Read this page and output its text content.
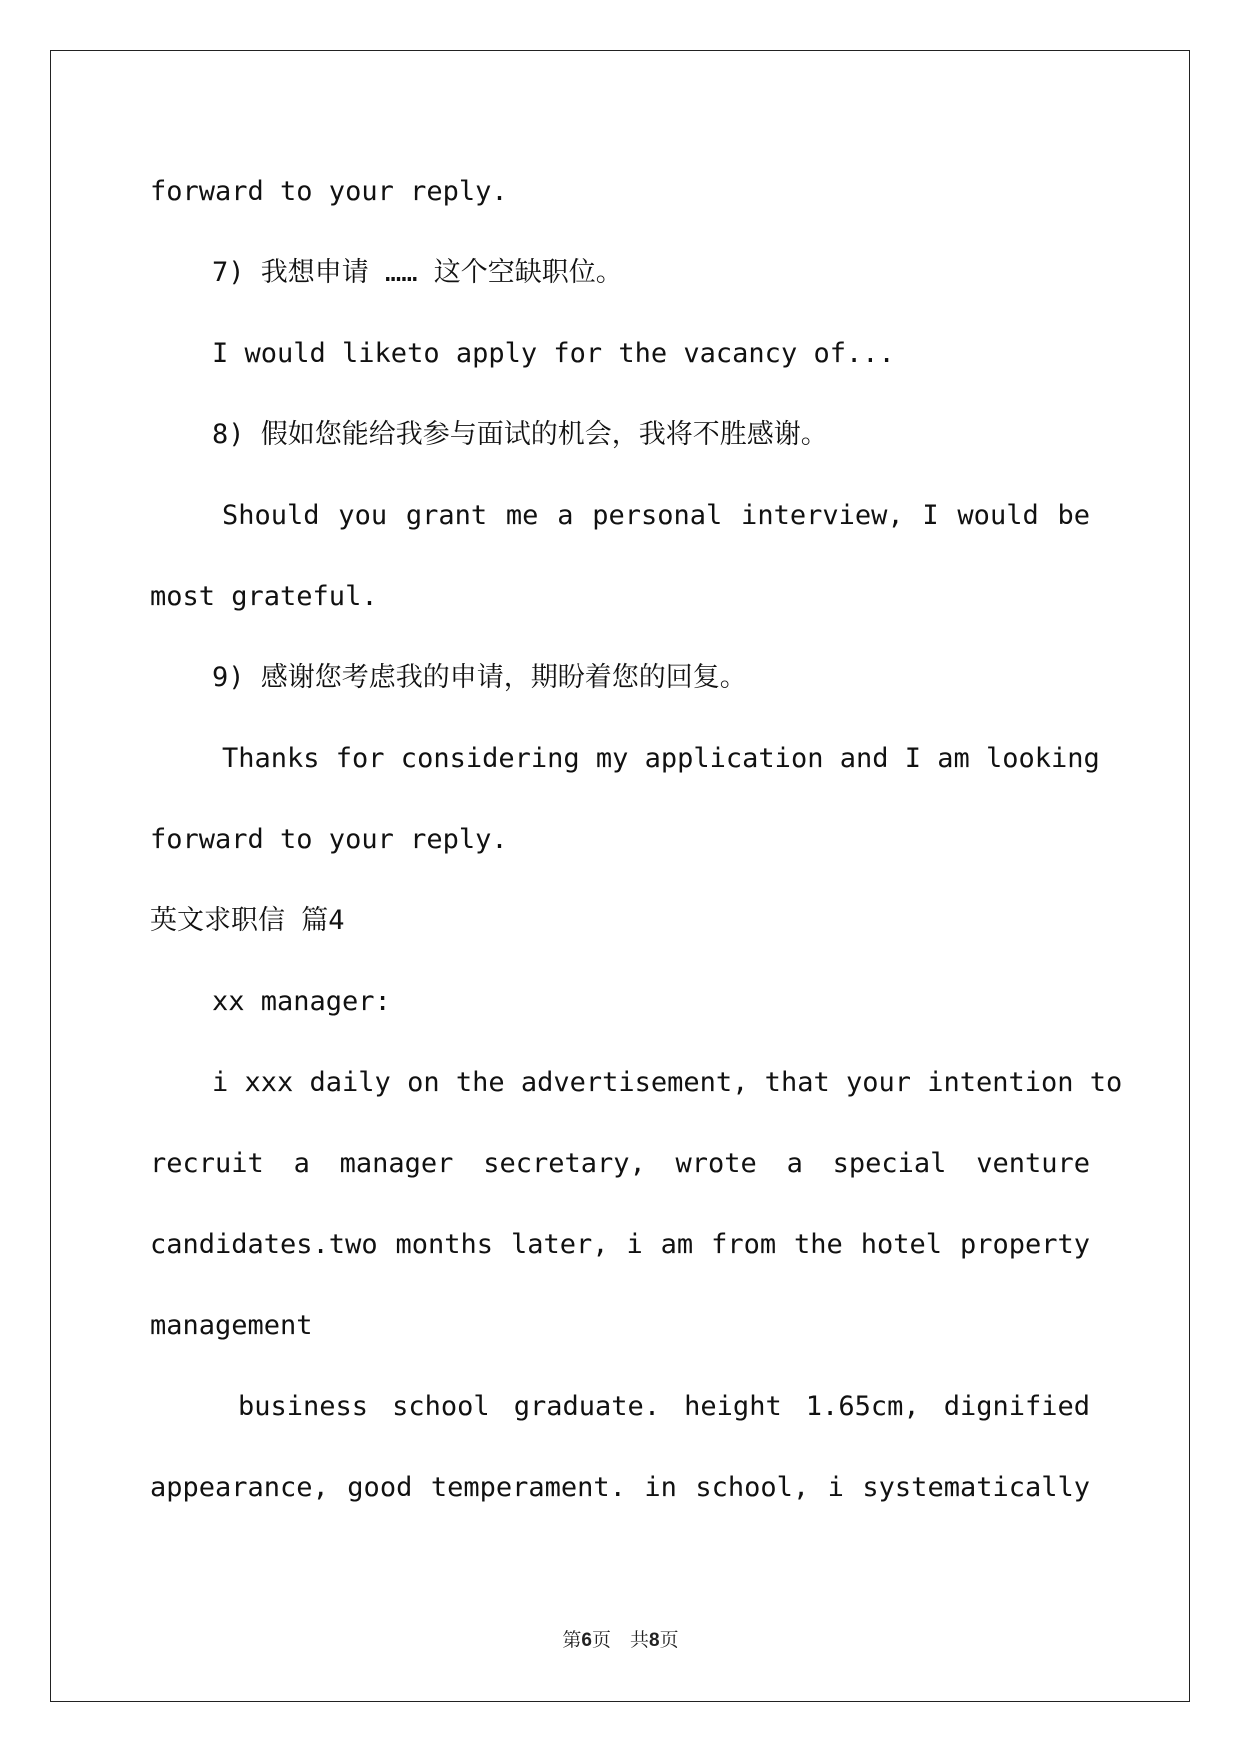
forward to your reply.
7) 我想申请 …… 这个空缺职位。
I would liketo apply for the vacancy of...
8) 假如您能给我参与面试的机会，我将不胜感谢。
Should you grant me a personal interview, I would be
most grateful.
9) 感谢您考虑我的申请，期盼着您的回复。
Thanks for considering my application and I am looking
forward to your reply.
英文求职信 篇4
xx manager:
i xxx daily on the advertisement, that your intention to
recruit a manager secretary, wrote a special venture
candidates.two months later, i am from the hotel property
management
business school graduate. height 1.65cm, dignified
appearance, good temperament. in school, i systematically
第6页　共8页
